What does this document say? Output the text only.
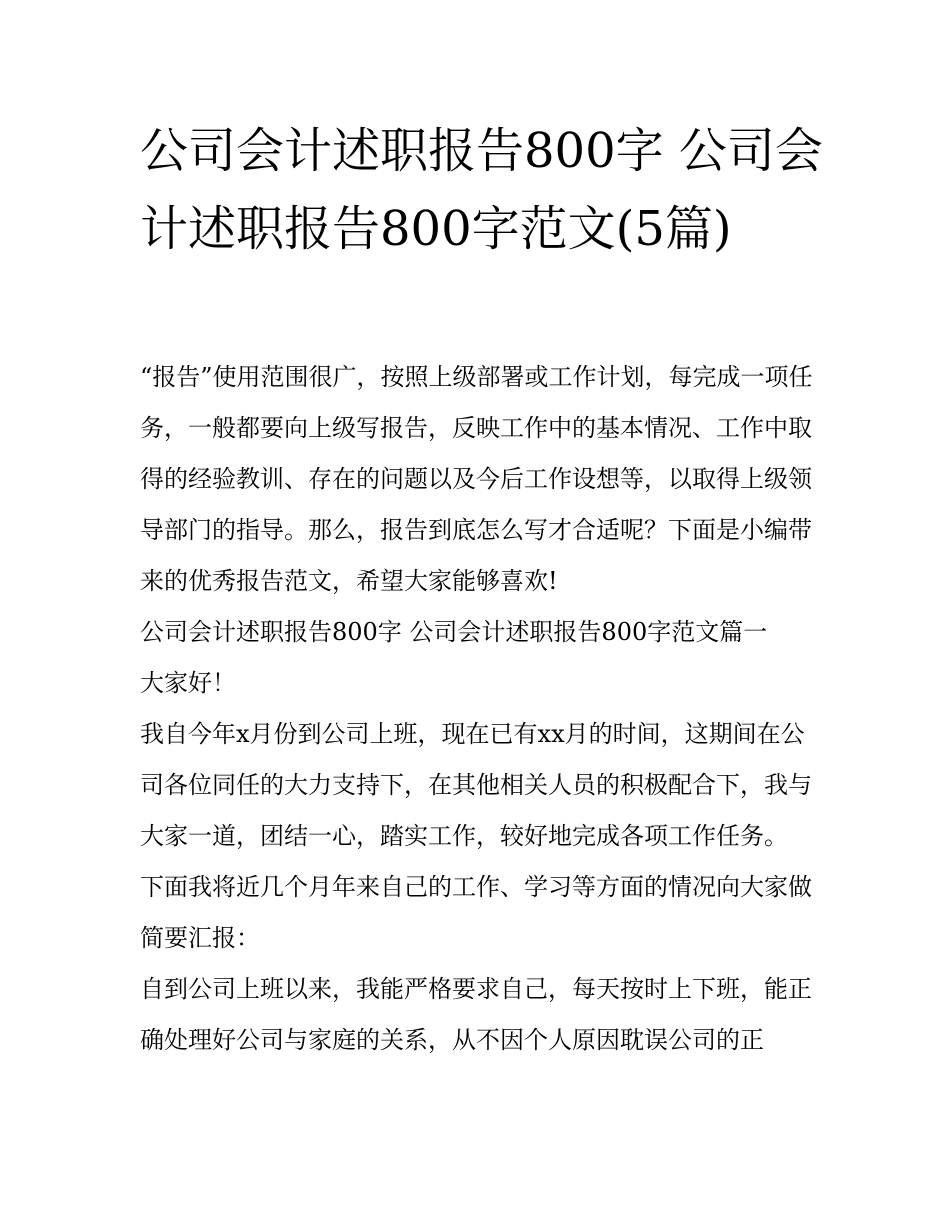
公司会计述职报告800字 公司会计述职报告800字范文(5篇)

“报告”使用范围很广，按照上级部署或工作计划，每完成一项任务，一般都要向上级写报告，反映工作中的基本情况、工作中取得的经验教训、存在的问题以及今后工作设想等，以取得上级领导部门的指导。那么，报告到底怎么写才合适呢？下面是小编带来的优秀报告范文，希望大家能够喜欢!

公司会计述职报告800字 公司会计述职报告800字范文篇一

大家好！

我自今年x月份到公司上班，现在已有xx月的时间，这期间在公司各位同任的大力支持下，在其他相关人员的积极配合下，我与大家一道，团结一心，踏实工作，较好地完成各项工作任务。

下面我将近几个月年来自己的工作、学习等方面的情况向大家做简要汇报：

自到公司上班以来，我能严格要求自己，每天按时上下班，能正确处理好公司与家庭的关系，从不因个人原因耽误公司的正
